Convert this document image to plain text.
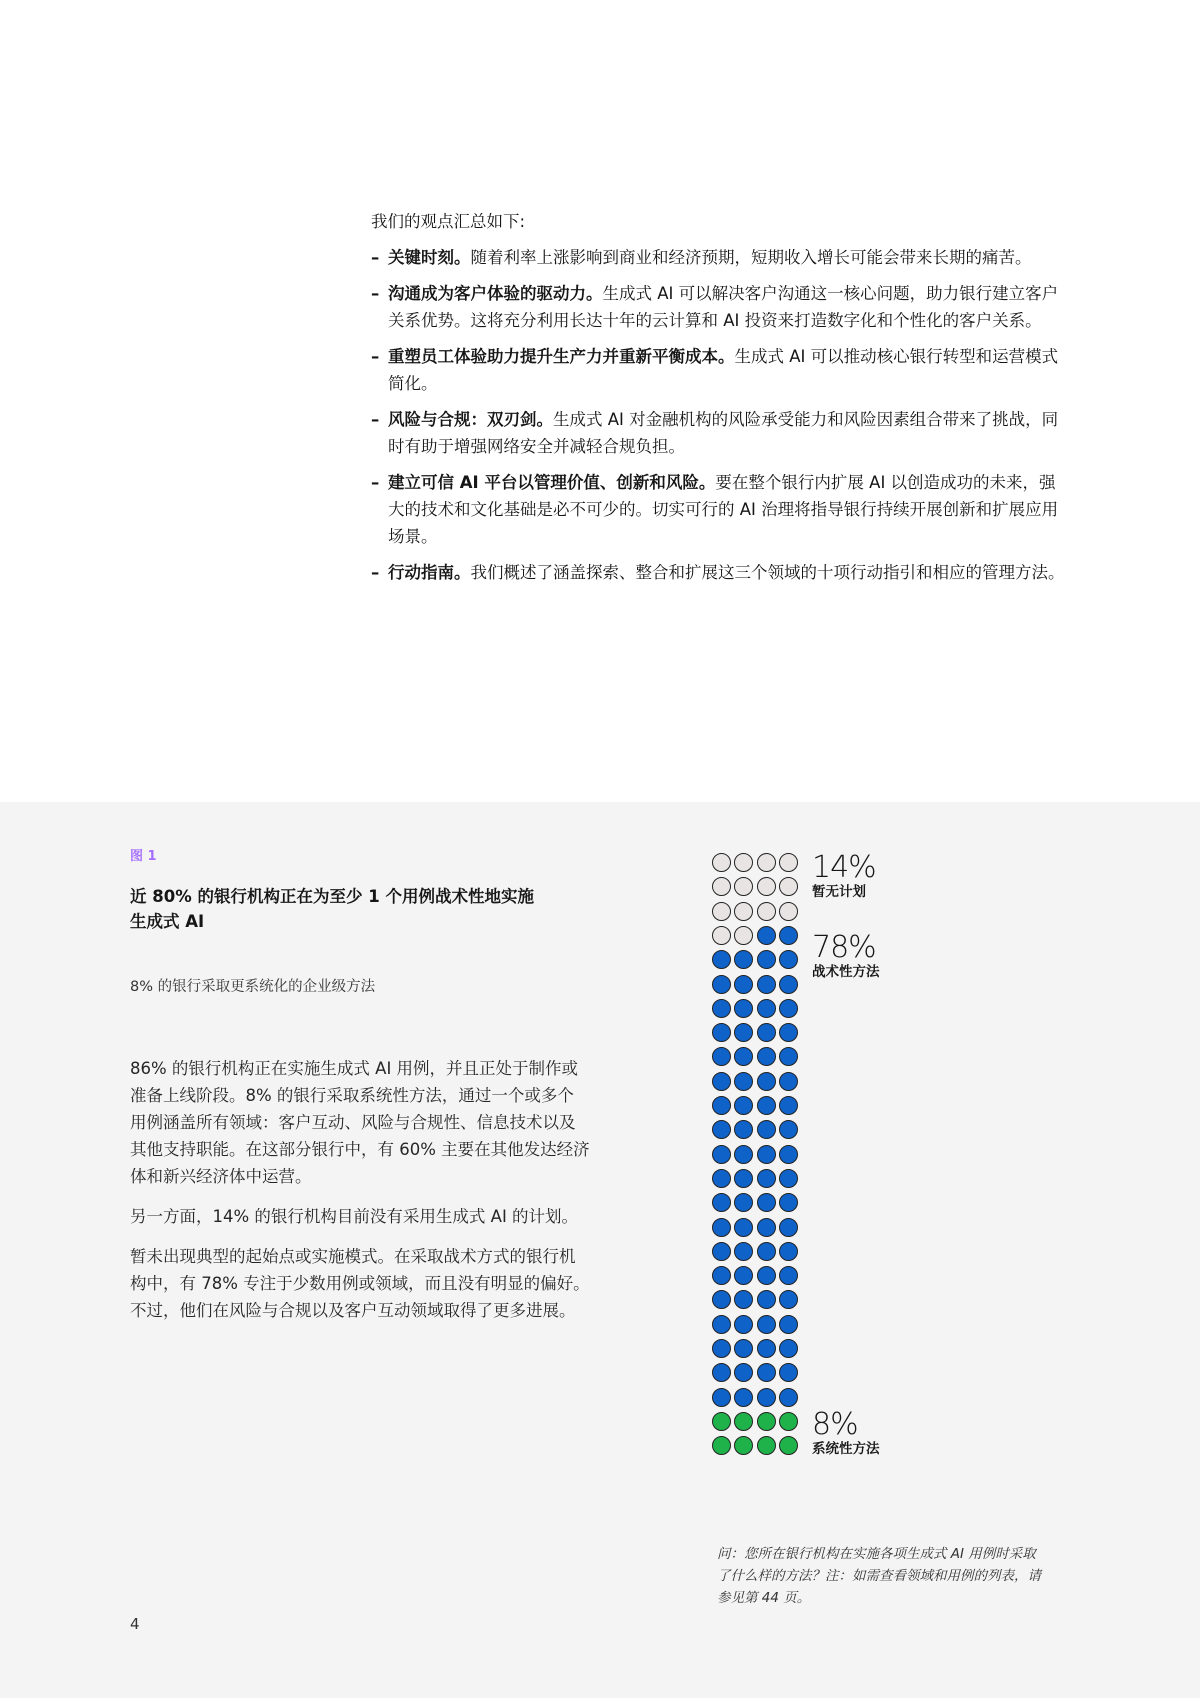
我们的观点汇总如下:

– 关键时刻。随着利率上涨影响到商业和经济预期，短期收入增长可能会带来长期的痛苦。
– 沟通成为客户体验的驱动力。生成式 AI 可以解决客户沟通这一核心问题，助力银行建立客户关系优势。这将充分利用长达十年的云计算和 AI 投资来打造数字化和个性化的客户关系。
– 重塑员工体验助力提升生产力并重新平衡成本。生成式 AI 可以推动核心银行转型和运营模式简化。
– 风险与合规：双刃剑。生成式 AI 对金融机构的风险承受能力和风险因素组合带来了挑战，同时有助于增强网络安全并减轻合规负担。
– 建立可信 AI 平台以管理价值、创新和风险。要在整个银行内扩展 AI 以创造成功的未来，强大的技术和文化基础是必不可少的。切实可行的 AI 治理将指导银行持续开展创新和扩展应用场景。
– 行动指南。我们概述了涵盖探索、整合和扩展这三个领域的十项行动指引和相应的管理方法。
图 1
近 80% 的银行机构正在为至少 1 个用例战术性地实施生成式 AI
8% 的银行采取更系统化的企业级方法

86% 的银行机构正在实施生成式 AI 用例，并且正处于制作或准备上线阶段。8% 的银行采取系统性方法，通过一个或多个用例涵盖所有领域：客户互动、风险与合规性、信息技术以及其他支持职能。在这部分银行中，有 60% 主要在其他发达经济体和新兴经济体中运营。

另一方面，14% 的银行机构目前没有采用生成式 AI 的计划。

暂未出现典型的起始点或实施模式。在采取战术方式的银行机构中，有 78% 专注于少数用例或领域，而且没有明显的偏好。不过，他们在风险与合规以及客户互动领域取得了更多进展。

14%
暂无计划
78%
战术性方法
8%
系统性方法
问：您所在银行机构在实施各项生成式 AI 用例时采取了什么样的方法？注：如需查看领域和用例的列表，请参见第 44 页。
4
